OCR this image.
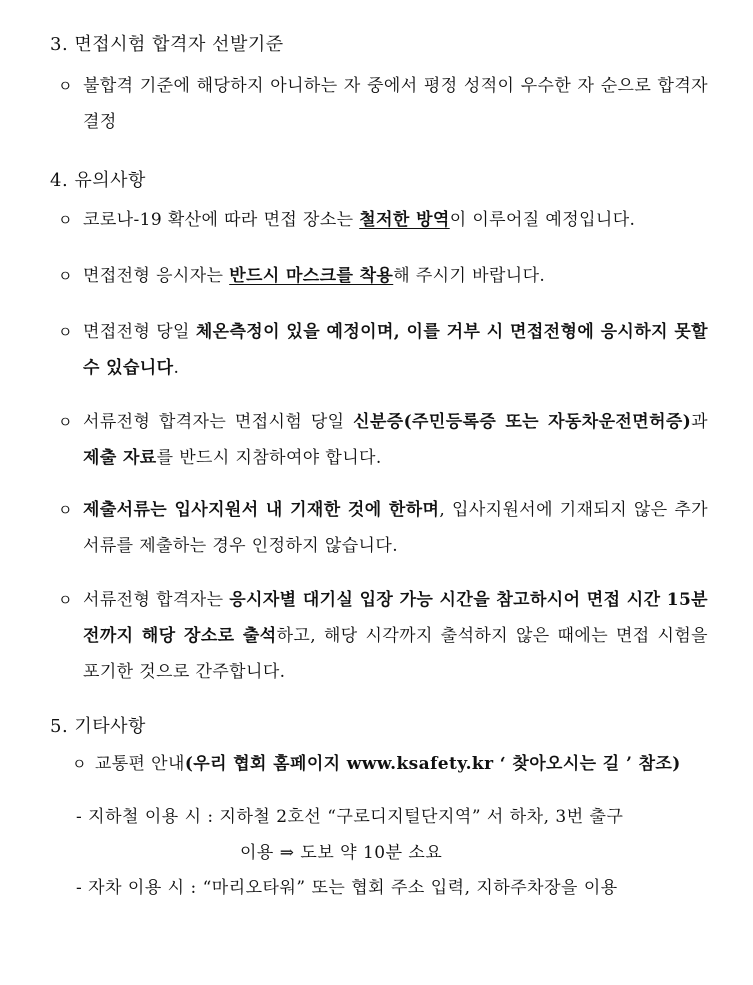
3. 면접시험 합격자 선발기준
ㅇ 불합격 기준에 해당하지 아니하는 자 중에서 평정 성적이 우수한 자 순으로 합격자 결정
4. 유의사항
ㅇ 코로나-19 확산에 따라 면접 장소는 철저한 방역이 이루어질 예정입니다.
ㅇ 면접전형 응시자는 반드시 마스크를 착용해 주시기 바랍니다.
ㅇ 면접전형 당일 체온측정이 있을 예정이며, 이를 거부 시 면접전형에 응시하지 못할 수 있습니다.
ㅇ 서류전형 합격자는 면접시험 당일 신분증(주민등록증 또는 자동차운전면허증)과 제출 자료를 반드시 지참하여야 합니다.
ㅇ 제출서류는 입사지원서 내 기재한 것에 한하며, 입사지원서에 기재되지 않은 추가 서류를 제출하는 경우 인정하지 않습니다.
ㅇ 서류전형 합격자는 응시자별 대기실 입장 가능 시간을 참고하시어 면접 시간 15분 전까지 해당 장소로 출석하고, 해당 시각까지 출석하지 않은 때에는 면접 시험을 포기한 것으로 간주합니다.
5. 기타사항
ㅇ 교통편 안내(우리 협회 홈페이지 www.ksafety.kr ‘ 찾아오시는 길 ’ 참조)
- 지하철 이용 시 : 지하철 2호선 “구로디지털단지역” 서 하차, 3번 출구
이용 ⇒ 도보 약 10분 소요
- 자차 이용 시 : “마리오타워” 또는 협회 주소 입력, 지하주차장을 이용
